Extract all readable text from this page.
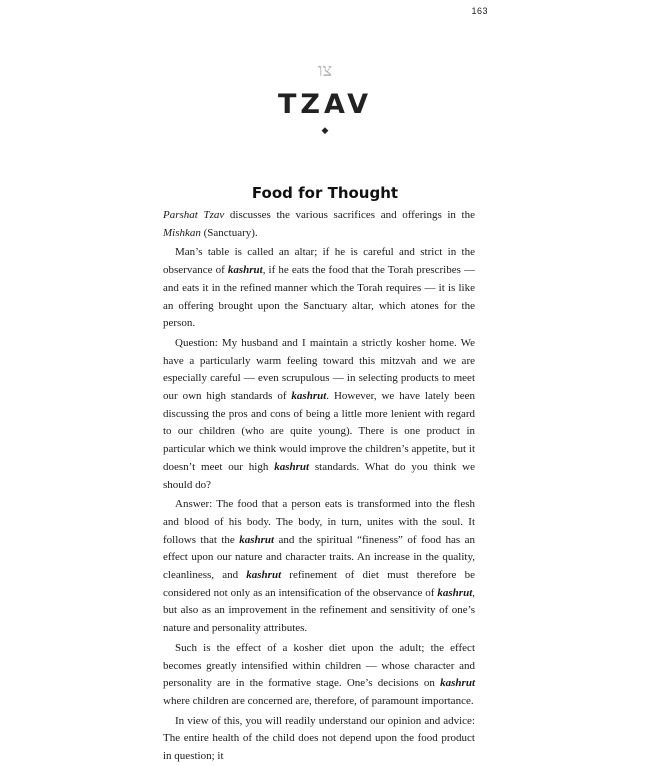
163
צו
TZAV
◆
Food for Thought

Parshat Tzav discusses the various sacrifices and offerings in the Mishkan (Sanctuary).

Man’s table is called an altar; if he is careful and strict in the observance of kashrut, if he eats the food that the Torah prescribes —and eats it in the refined manner which the Torah requires — it is like an offering brought upon the Sanctuary altar, which atones for the person.

Question: My husband and I maintain a strictly kosher home. We have a particularly warm feeling toward this mitzvah and we are especially careful — even scrupulous — in selecting products to meet our own high standards of kashrut. However, we have lately been discussing the pros and cons of being a little more lenient with regard to our children (who are quite young). There is one product in particular which we think would improve the children’s appetite, but it doesn’t meet our high kashrut standards. What do you think we should do?

Answer: The food that a person eats is transformed into the flesh and blood of his body. The body, in turn, unites with the soul. It follows that the kashrut and the spiritual “fineness” of food has an effect upon our nature and character traits. An increase in the quality, cleanliness, and kashrut refinement of diet must therefore be considered not only as an intensification of the observance of kashrut, but also as an improvement in the refinement and sensitivity of one’s nature and personality attributes.

Such is the effect of a kosher diet upon the adult; the effect becomes greatly intensified within children — whose character and personality are in the formative stage. One’s decisions on kashrut where children are concerned are, therefore, of paramount importance.

In view of this, you will readily understand our opinion and advice: The entire health of the child does not depend upon the food product in question; it
